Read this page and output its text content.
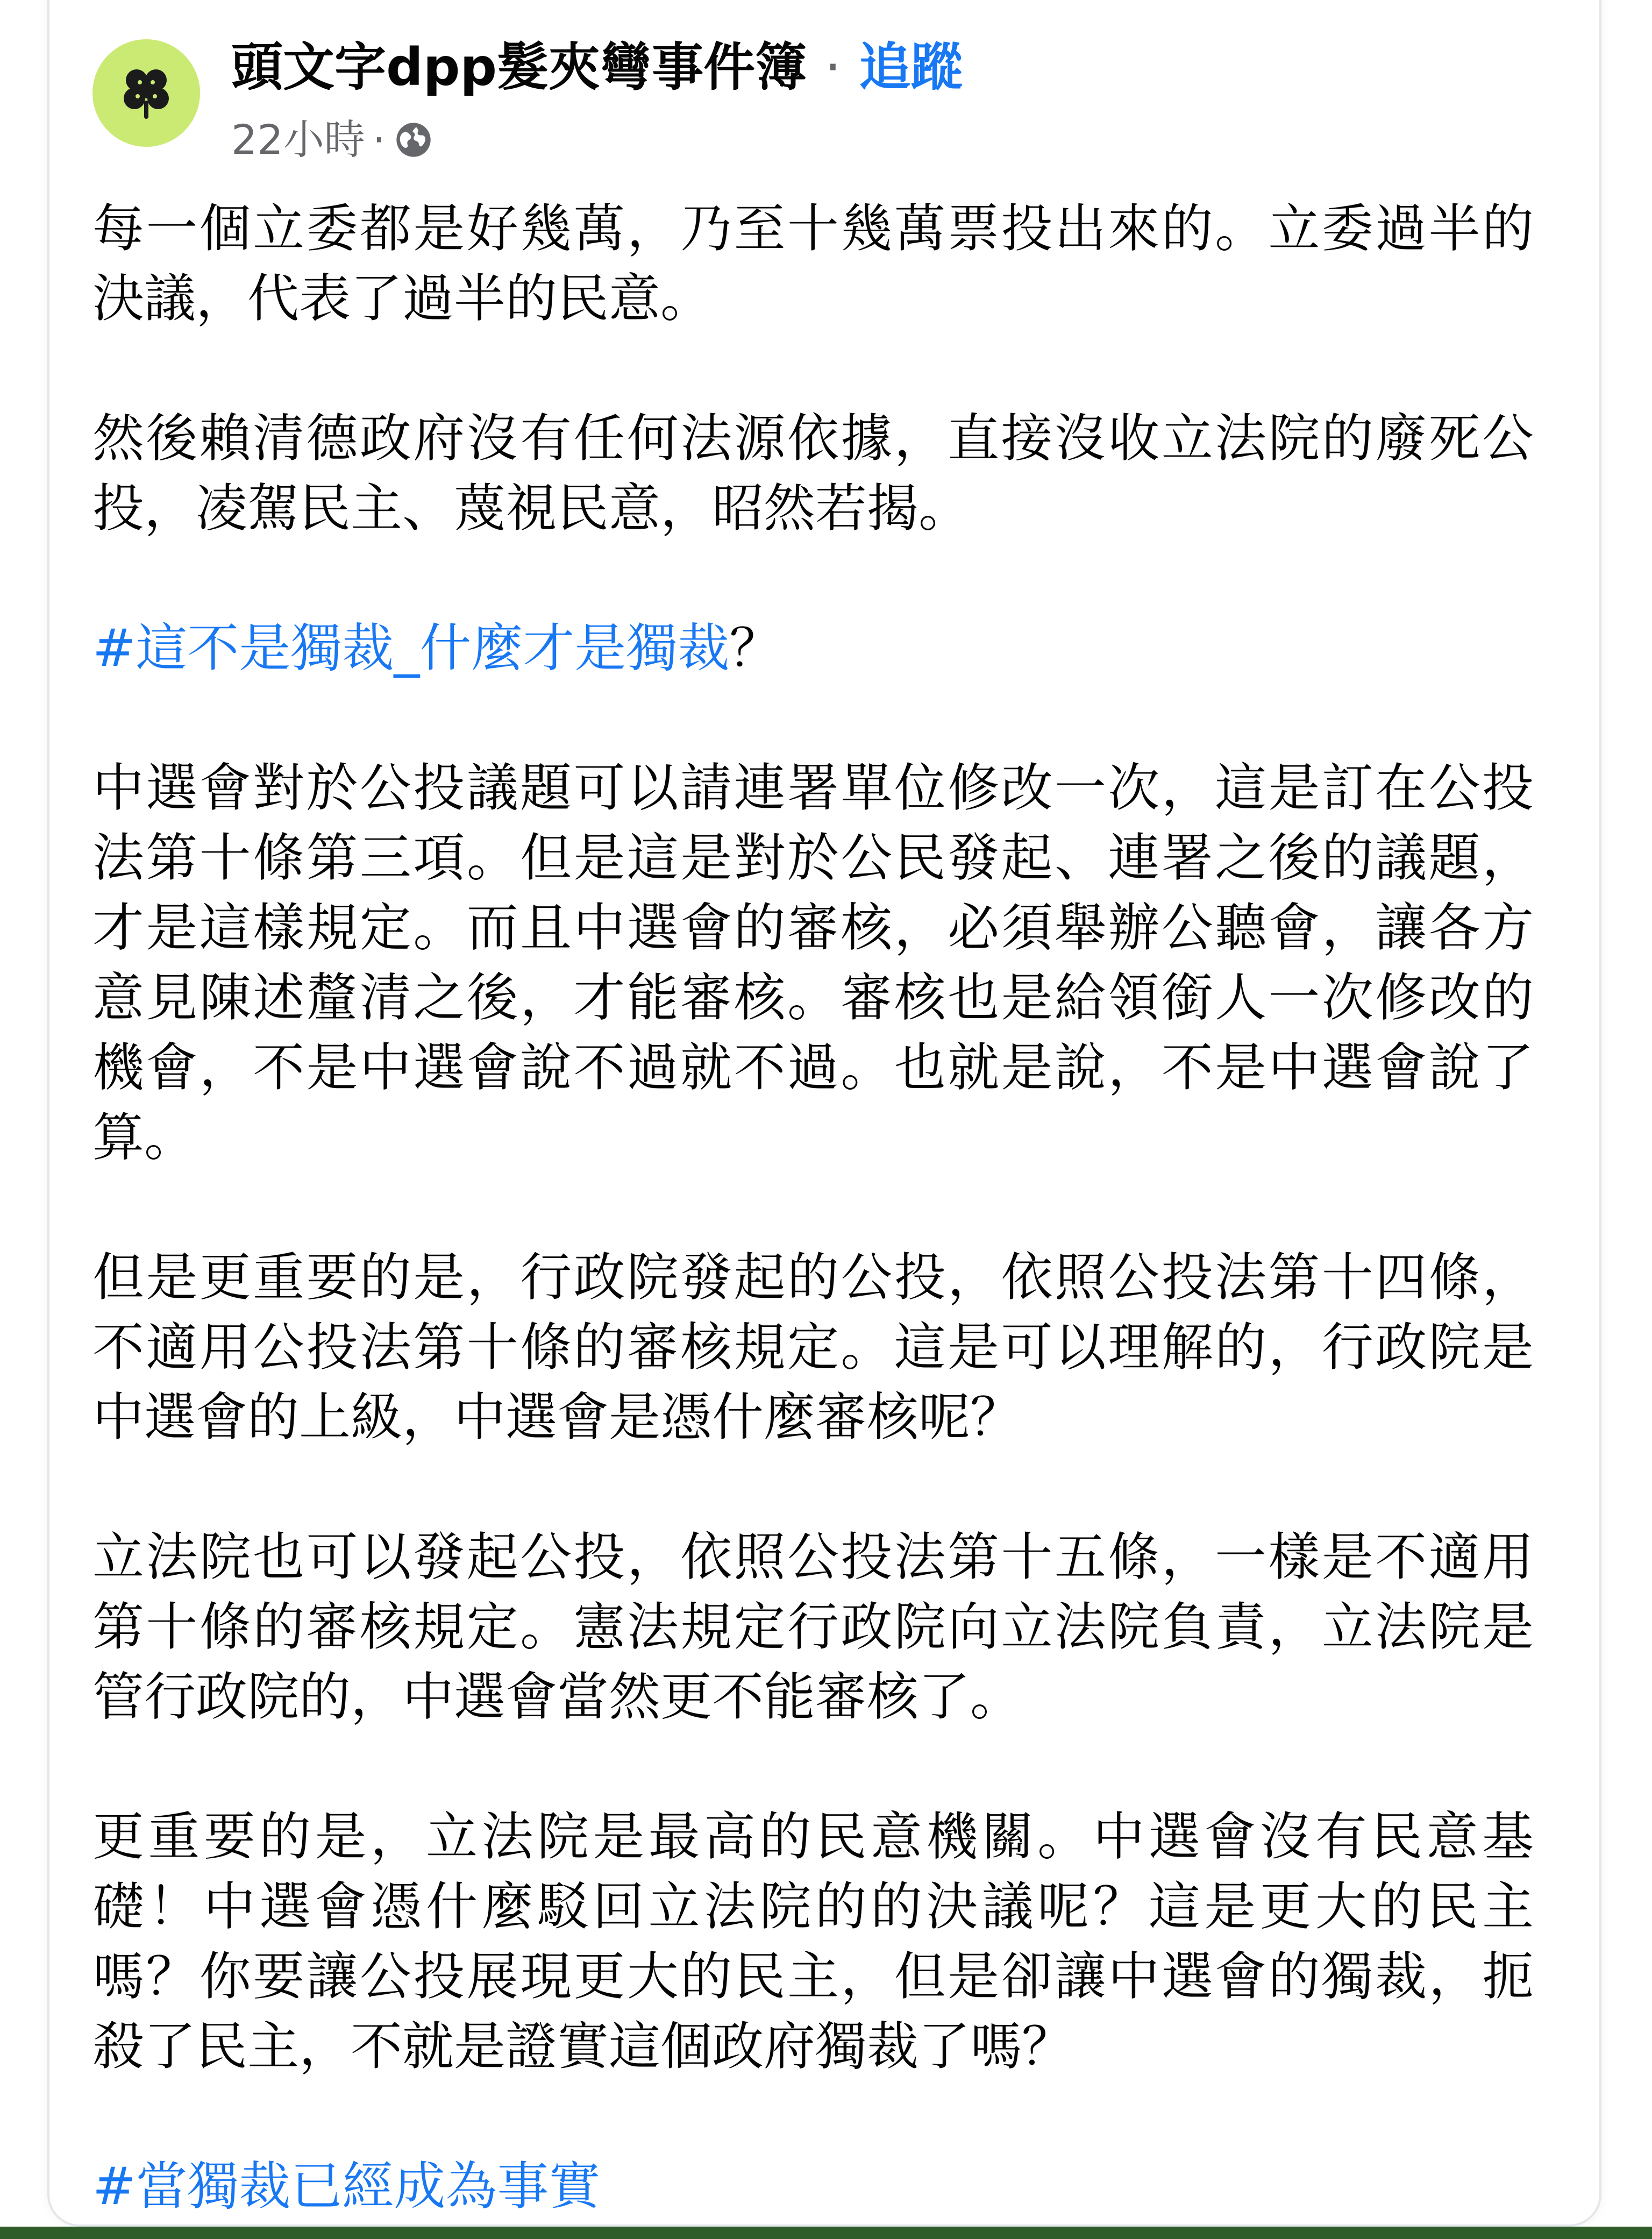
頭文字dpp髮夾彎事件簿 · 追蹤
22小時 ·

每一個立委都是好幾萬，乃至十幾萬票投出來的。立委過半的決議，代表了過半的民意。

然後賴清德政府沒有任何法源依據，直接沒收立法院的廢死公投，凌駕民主、蔑視民意，昭然若揭。

#這不是獨裁_什麼才是獨裁？

中選會對於公投議題可以請連署單位修改一次，這是訂在公投法第十條第三項。但是這是對於公民發起、連署之後的議題，才是這樣規定。而且中選會的審核，必須舉辦公聽會，讓各方意見陳述釐清之後，才能審核。審核也是給領銜人一次修改的機會，不是中選會說不過就不過。也就是說，不是中選會說了算。

但是更重要的是，行政院發起的公投，依照公投法第十四條，不適用公投法第十條的審核規定。這是可以理解的，行政院是中選會的上級，中選會是憑什麼審核呢？

立法院也可以發起公投，依照公投法第十五條，一樣是不適用第十條的審核規定。憲法規定行政院向立法院負責，立法院是管行政院的，中選會當然更不能審核了。

更重要的是，立法院是最高的民意機關。中選會沒有民意基礎！中選會憑什麼駁回立法院的的決議呢？這是更大的民主嗎？你要讓公投展現更大的民主，但是卻讓中選會的獨裁，扼殺了民主，不就是證實這個政府獨裁了嗎？

#當獨裁已經成為事實
